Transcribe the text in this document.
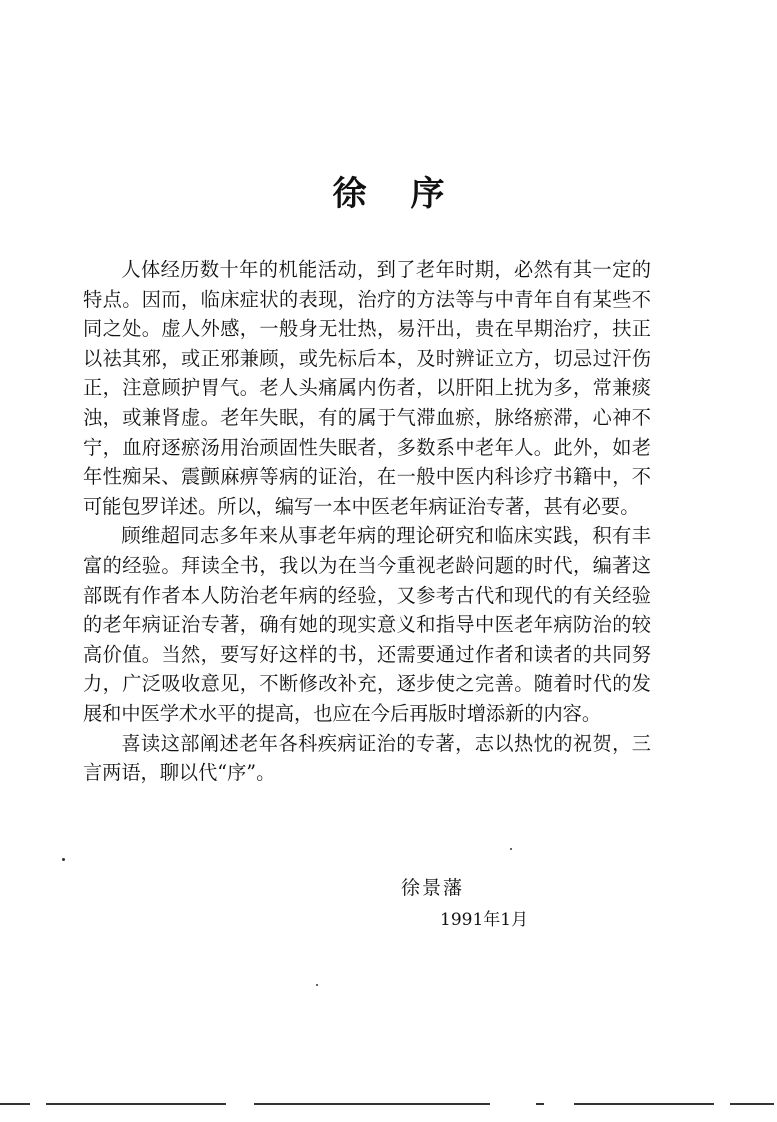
徐 序

人体经历数十年的机能活动，到了老年时期，必然有其一定的特点。因而，临床症状的表现，治疗的方法等与中青年自有某些不同之处。虚人外感，一般身无壮热，易汗出，贵在早期治疗，扶正以祛其邪，或正邪兼顾，或先标后本，及时辨证立方，切忌过汗伤正，注意顾护胃气。老人头痛属内伤者，以肝阳上扰为多，常兼痰浊，或兼肾虚。老年失眠，有的属于气滞血瘀，脉络瘀滞，心神不宁，血府逐瘀汤用治顽固性失眠者，多数系中老年人。此外，如老年性痴呆、震颤麻痹等病的证治，在一般中医内科诊疗书籍中，不可能包罗详述。所以，编写一本中医老年病证治专著，甚有必要。

顾维超同志多年来从事老年病的理论研究和临床实践，积有丰富的经验。拜读全书，我以为在当今重视老龄问题的时代，编著这部既有作者本人防治老年病的经验，又参考古代和现代的有关经验的老年病证治专著，确有她的现实意义和指导中医老年病防治的较高价值。当然，要写好这样的书，还需要通过作者和读者的共同努力，广泛吸收意见，不断修改补充，逐步使之完善。随着时代的发展和中医学术水平的提高，也应在今后再版时增添新的内容。

喜读这部阐述老年各科疾病证治的专著，志以热忱的祝贺，三言两语，聊以代“序”。

徐景藩
1991年1月
